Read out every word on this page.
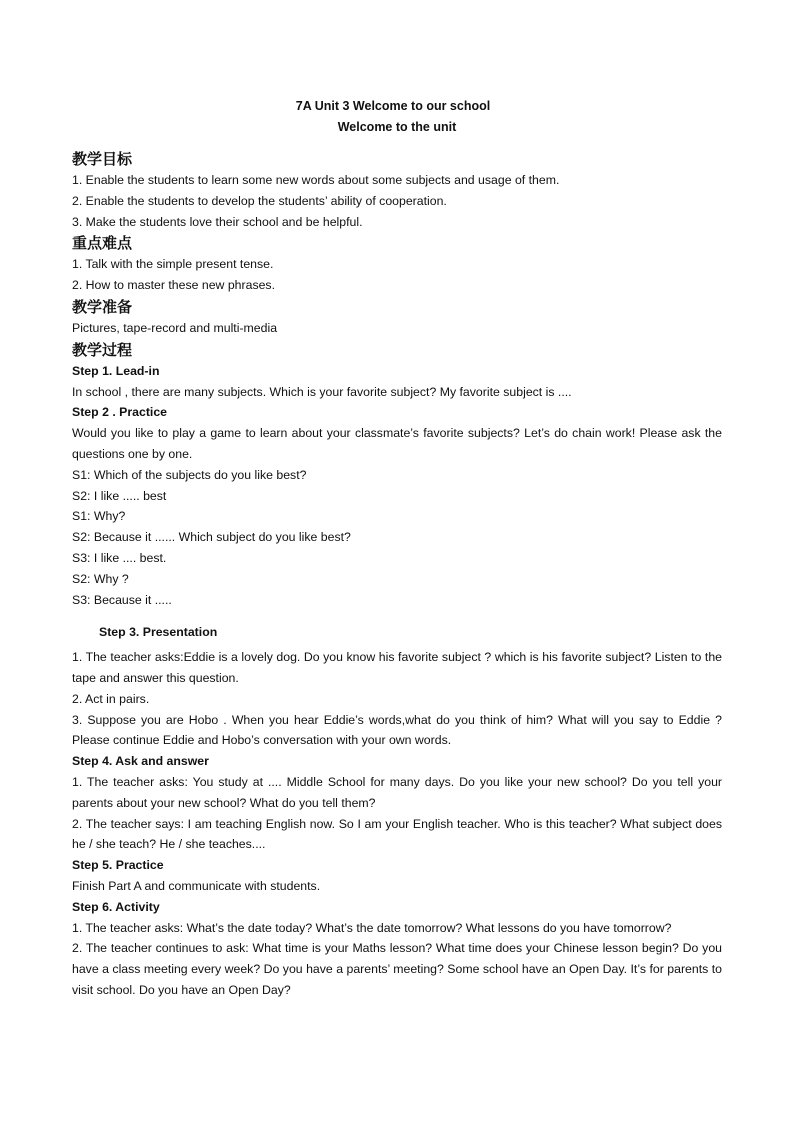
7A Unit 3 Welcome to our school
Welcome to the unit
教学目标
1. Enable the students to learn some new words about some subjects and usage of them.
2. Enable the students to develop the students’ ability of cooperation.
3. Make the students love their school and be helpful.
重点难点
1. Talk with the simple present tense.
2. How to master these new phrases.
教学准备
Pictures, tape-record and multi-media
教学过程
Step 1. Lead-in
In school , there are many subjects. Which is your favorite subject? My favorite subject is ....
Step 2 . Practice
Would you like to play a game to learn about your classmate’s favorite subjects? Let’s do chain work! Please ask the questions one by one.
S1: Which of the subjects do you like best?
S2: I like ..... best
S1: Why?
S2: Because it ...... Which subject do you like best?
S3: I like .... best.
S2: Why ?
S3: Because it .....
Step 3. Presentation
1. The teacher asks:Eddie is a lovely dog. Do you know his favorite subject ? which is his favorite subject? Listen to the tape and answer this question.
2. Act in pairs.
3. Suppose you are Hobo . When you hear Eddie’s words,what do you think of him? What will you say to Eddie ? Please continue Eddie and Hobo’s conversation with your own words.
Step 4. Ask and answer
1. The teacher asks: You study at .... Middle School for many days. Do you like your new school? Do you tell your parents about your new school? What do you tell them?
2. The teacher says: I am teaching English now. So I am your English teacher. Who is this teacher? What subject does he / she teach? He / she teaches....
Step 5. Practice
Finish Part A and communicate with students.
Step 6. Activity
1. The teacher asks: What’s the date today? What’s the date tomorrow? What lessons do you have tomorrow?
2. The teacher continues to ask: What time is your Maths lesson? What time does your Chinese lesson begin? Do you have a class meeting every week? Do you have a parents’ meeting? Some school have an Open Day. It’s for parents to visit school. Do you have an Open Day?
